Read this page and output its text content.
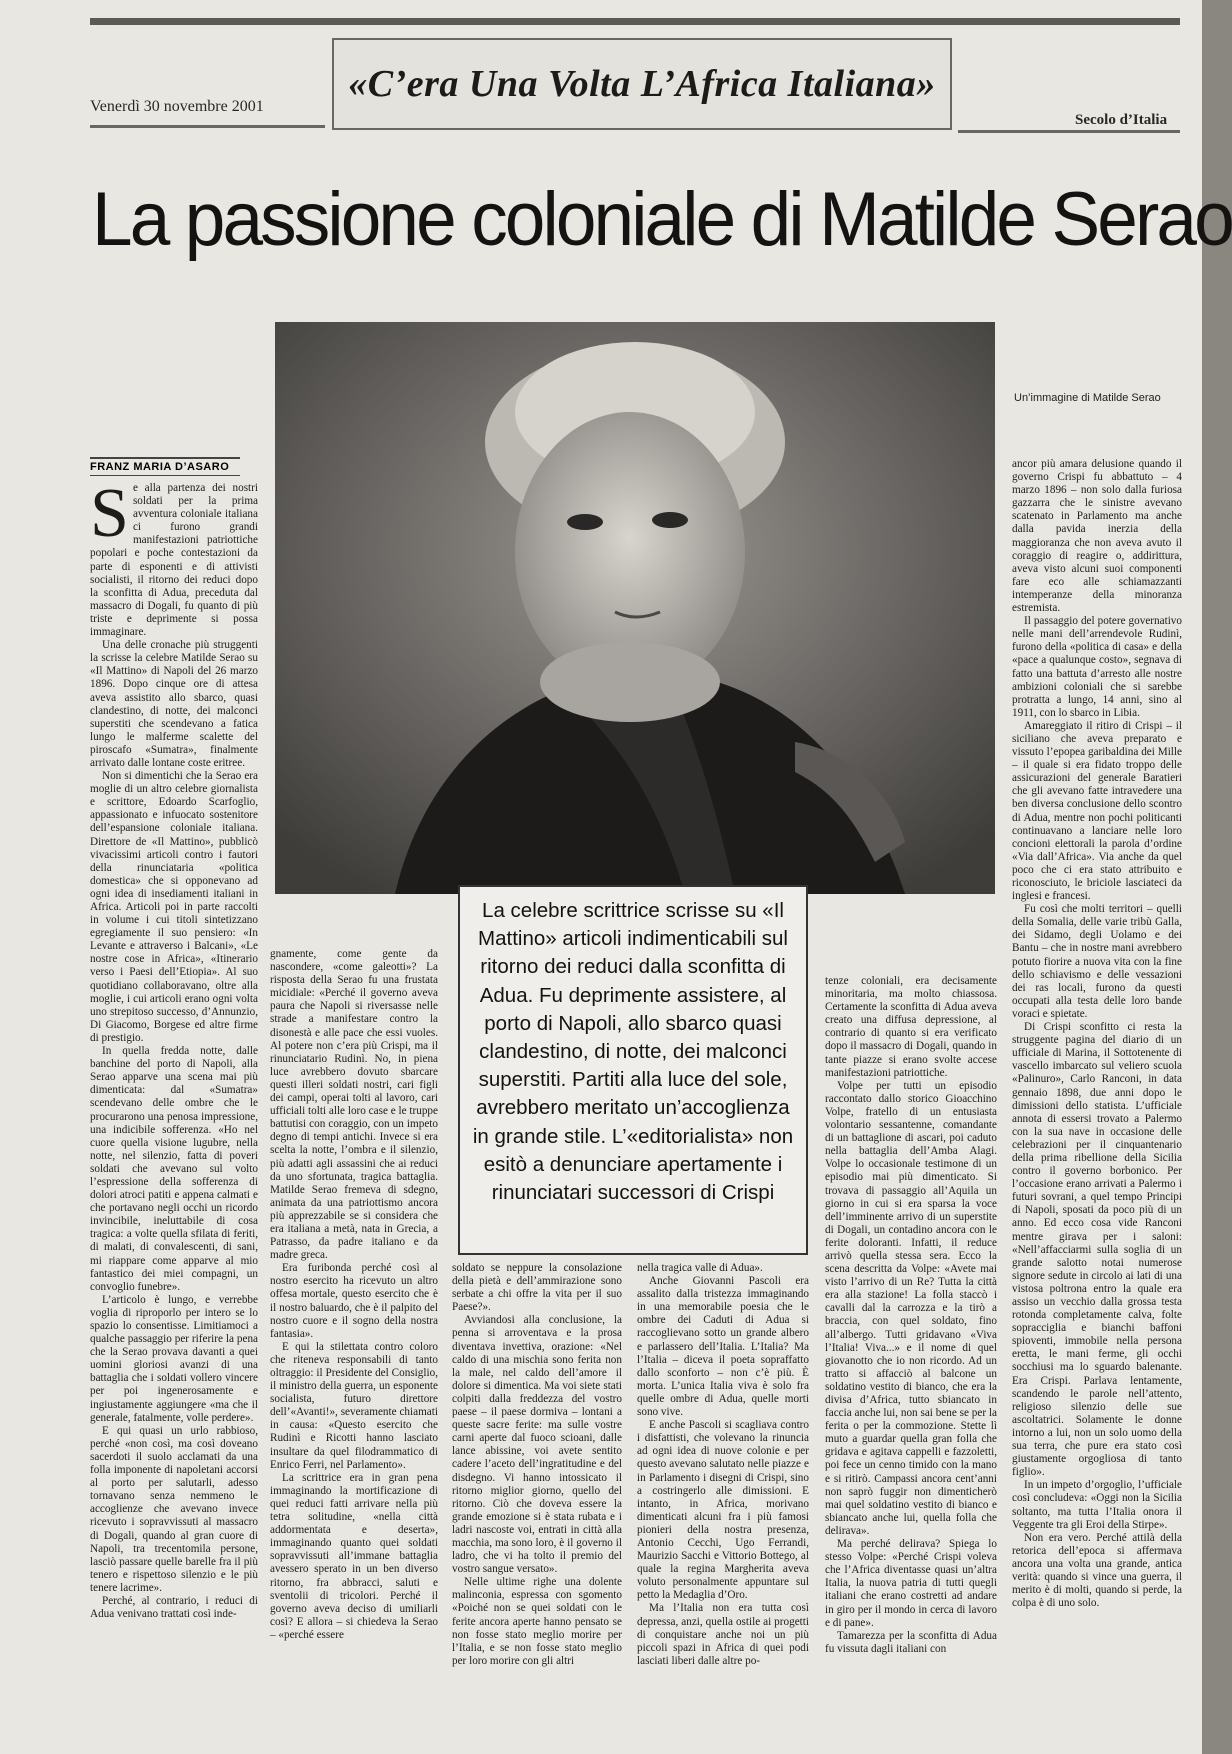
Venerdì 30 novembre 2001
«C’era Una Volta L’Africa Italiana»
Secolo d’Italia
La passione coloniale di Matilde Serao
Un’immagine di Matilde Serao
FRANZ MARIA D’ASARO

Se alla partenza dei nostri soldati per la prima avventura coloniale italiana ci furono grandi manifestazioni patriottiche popolari e poche contestazioni da parte di esponenti e di attivisti socialisti, il ritorno dei reduci dopo la sconfitta di Adua, preceduta dal massacro di Dogali, fu quanto di più triste e deprimente si possa immaginare.

Una delle cronache più struggenti la scrisse la celebre Matilde Serao su «Il Mattino» di Napoli del 26 marzo 1896. Dopo cinque ore di attesa aveva assistito allo sbarco, quasi clandestino, di notte, dei malconci superstiti che scendevano a fatica lungo le malferme scalette del piroscafo «Sumatra», finalmente arrivato dalle lontane coste eritree.

Non si dimentichi che la Serao era moglie di un altro celebre giornalista e scrittore, Edoardo Scarfoglio, appassionato e infuocato sostenitore dell’espansione coloniale italiana. Direttore de «Il Mattino», pubblicò vivacissimi articoli contro i fautori della rinunciataria «politica domestica» che si opponevano ad ogni idea di insediamenti italiani in Africa. Articoli poi in parte raccolti in volume i cui titoli sintetizzano egregiamente il suo pensiero: «In Levante e attraverso i Balcani», «Le nostre cose in Africa», «Itinerario verso i Paesi dell’Etiopia». Al suo quotidiano collaboravano, oltre alla moglie, i cui articoli erano ogni volta uno strepitoso successo, d’Annunzio, Di Giacomo, Borgese ed altre firme di prestigio.

In quella fredda notte, dalle banchine del porto di Napoli, alla Serao apparve una scena mai più dimenticata: dal «Sumatra» scendevano delle ombre che le procurarono una penosa impressione, una indicibile sofferenza. «Ho nel cuore quella visione lugubre, nella notte, nel silenzio, fatta di poveri soldati che avevano sul volto l’espressione della sofferenza di dolori atroci patiti e appena calmati e che portavano negli occhi un ricordo invincibile, ineluttabile di cosa tragica: a volte quella sfilata di feriti, di malati, di convalescenti, di sani, mi riappare come apparve al mio fantastico dei miei compagni, un convoglio funebre».

L’articolo è lungo, e verrebbe voglia di riproporlo per intero se lo spazio lo consentisse. Limitiamoci a qualche passaggio per riferire la pena che la Serao provava davanti a quei uomini gloriosi avanzi di una battaglia che i soldati vollero vincere per poi ingenerosamente e ingiustamente aggiungere «ma che il generale, fatalmente, volle perdere».

E qui quasi un urlo rabbioso, perché «non così, ma così doveano sacerdoti il suolo acclamati da una folla imponente di napoletani accorsi al porto per salutarli, adesso tornavano senza nemmeno le accoglienze che avevano invece ricevuto i sopravvissuti al massacro di Dogali, quando al gran cuore di Napoli, tra trecentomila persone, lasciò passare quelle barelle fra il più tenero e rispettoso silenzio e le più tenere lacrime».

Perché, al contrario, i reduci di Adua venivano trattati così inde-

gnamente, come gente da nascondere, «come galeotti»? La risposta della Serao fu una frustata micidiale: «Perché il governo aveva paura che Napoli si riversasse nelle strade a manifestare contro la disonestà e alle pace che essi vuoles. Al potere non c’era più Crispi, ma il rinunciatario Rudinì. No, in piena luce avrebbero dovuto sbarcare questi illeri soldati nostri, cari figli dei campi, operai tolti al lavoro, cari ufficiali tolti alle loro case e le truppe battutisi con coraggio, con un impeto degno di tempi antichi. Invece si era scelta la notte, l’ombra e il silenzio, più adatti agli assassini che ai reduci da uno sfortunata, tragica battaglia. Matilde Serao fremeva di sdegno, animata da una patriottismo ancora più apprezzabile se si considera che era italiana a metà, nata in Grecia, a Patrasso, da padre italiano e da madre greca.

Era furibonda perché così al nostro esercito ha ricevuto un altro offesa mortale, questo esercito che è il nostro baluardo, che è il palpito del nostro cuore e il sogno della nostra fantasia».

E qui la stilettata contro coloro che riteneva responsabili di tanto oltraggio: il Presidente del Consiglio, il ministro della guerra, un esponente socialista, futuro direttore dell’«Avanti!», severamente chiamati in causa: «Questo esercito che Rudinì e Ricotti hanno lasciato insultare da quel filodrammatico di Enrico Ferri, nel Parlamento».

La scrittrice era in gran pena immaginando la mortificazione di quei reduci fatti arrivare nella più tetra solitudine, «nella città addormentata e deserta», immaginando quanto quei soldati sopravvissuti all’immane battaglia avessero sperato in un ben diverso ritorno, fra abbracci, saluti e sventolii di tricolori. Perché il governo aveva deciso di umiliarli così? E allora – si chiedeva la Serao – «perché essere

La celebre scrittrice scrisse su «Il Mattino» articoli indimenticabili sul ritorno dei reduci dalla sconfitta di Adua. Fu deprimente assistere, al porto di Napoli, allo sbarco quasi clandestino, di notte, dei malconci superstiti. Partiti alla luce del sole, avrebbero meritato un’accoglienza in grande stile. L’«editorialista» non esitò a denunciare apertamente i rinunciatari successori di Crispi

soldato se neppure la consolazione della pietà e dell’ammirazione sono serbate a chi offre la vita per il suo Paese?».

Avviandosi alla conclusione, la penna si arroventava e la prosa diventava invettiva, orazione: «Nel caldo di una mischia sono ferita non la male, nel caldo dell’amore il dolore si dimentica. Ma voi siete stati colpiti dalla freddezza del vostro paese – il paese dormiva – lontani a queste sacre ferite: ma sulle vostre carni aperte dal fuoco scioani, dalle lance abissine, voi avete sentito cadere l’aceto dell’ingratitudine e del disdegno. Vi hanno intossicato il ritorno miglior giorno, quello del ritorno. Ciò che doveva essere la grande emozione si è stata rubata e i ladri nascoste voi, entrati in città alla macchia, ma sono loro, è il governo il ladro, che vi ha tolto il premio del vostro sangue versato».

Nelle ultime righe una dolente malinconia, espressa con sgomento «Poiché non se quei soldati con le ferite ancora aperte hanno pensato se non fosse stato meglio morire per l’Italia, e se non fosse stato meglio per loro morire con gli altri

nella tragica valle di Adua».

Anche Giovanni Pascoli era assalito dalla tristezza immaginando in una memorabile poesia che le ombre dei Caduti di Adua si raccoglievano sotto un grande albero e parlassero dell’Italia. L’Italia? Ma l’Italia – diceva il poeta sopraffatto dallo sconforto – non c’è più. È morta. L’unica Italia viva è solo fra quelle ombre di Adua, quelle morti sono vive.

E anche Pascoli si scagliava contro i disfattisti, che volevano la rinuncia ad ogni idea di nuove colonie e per questo avevano salutato nelle piazze e in Parlamento i disegni di Crispi, sino a costringerlo alle dimissioni. E intanto, in Africa, morivano dimenticati alcuni fra i più famosi pionieri della nostra presenza, Antonio Cecchi, Ugo Ferrandi, Maurizio Sacchi e Vittorio Bottego, al quale la regina Margherita aveva voluto personalmente appuntare sul petto la Medaglia d’Oro.

Ma l’Italia non era tutta così depressa, anzi, quella ostile ai progetti di conquistare anche noi un più piccoli spazi in Africa di quei podi lasciati liberi dalle altre po-

tenze coloniali, era decisamente minoritaria, ma molto chiassosa. Certamente la sconfitta di Adua aveva creato una diffusa depressione, al contrario di quanto si era verificato dopo il massacro di Dogali, quando in tante piazze si erano svolte accese manifestazioni patriottiche.

Volpe per tutti un episodio raccontato dallo storico Gioacchino Volpe, fratello di un entusiasta volontario sessantenne, comandante di un battaglione di ascari, poi caduto nella battaglia dell’Amba Alagi. Volpe lo occasionale testimone di un episodio mai più dimenticato. Si trovava di passaggio all’Aquila un giorno in cui si era sparsa la voce dell’imminente arrivo di un superstite di Dogali, un contadino ancora con le ferite doloranti. Infatti, il reduce arrivò quella stessa sera. Ecco la scena descritta da Volpe: «Avete mai visto l’arrivo di un Re? Tutta la città era alla stazione! La folla staccò i cavalli dal la carrozza e la tirò a braccia, con quel soldato, fino all’albergo. Tutti gridavano «Viva l’Italia! Viva...» e il nome di quel giovanotto che io non ricordo. Ad un tratto si affacciò al balcone un soldatino vestito di bianco, che era la divisa d’Africa, tutto sbiancato in faccia anche lui, non sai bene se per la ferita o per la commozione. Stette lì muto a guardar quella gran folla che gridava e agitava cappelli e fazzoletti, poi fece un cenno timido con la mano e si ritirò. Campassi ancora cent’anni non saprò fuggir non dimenticherò mai quel soldatino vestito di bianco e sbiancato anche lui, quella folla che delirava».

Ma perché delirava? Spiega lo stesso Volpe: «Perché Crispi voleva che l’Africa diventasse quasi un’altra Italia, la nuova patria di tutti quegli italiani che erano costretti ad andare in giro per il mondo in cerca di lavoro e di pane».

Tamarezza per la sconfitta di Adua fu vissuta dagli italiani con

ancor più amara delusione quando il governo Crispi fu abbattuto – 4 marzo 1896 – non solo dalla furiosa gazzarra che le sinistre avevano scatenato in Parlamento ma anche dalla pavida inerzia della maggioranza che non aveva avuto il coraggio di reagire o, addirittura, aveva visto alcuni suoi componenti fare eco alle schiamazzanti intemperanze della minoranza estremista.

Il passaggio del potere governativo nelle mani dell’arrendevole Rudinì, furono della «politica di casa» e della «pace a qualunque costo», segnava di fatto una battuta d’arresto alle nostre ambizioni coloniali che si sarebbe protratta a lungo, 14 anni, sino al 1911, con lo sbarco in Libia.

Amareggiato il ritiro di Crispi – il siciliano che aveva preparato e vissuto l’epopea garibaldina dei Mille – il quale si era fidato troppo delle assicurazioni del generale Baratieri che gli avevano fatte intravedere una ben diversa conclusione dello scontro di Adua, mentre non pochi politicanti continuavano a lanciare nelle loro concioni elettorali la parola d’ordine «Via dall’Africa». Via anche da quel poco che ci era stato attribuito e riconosciuto, le briciole lasciateci da inglesi e francesi.

Fu così che molti territori – quelli della Somalia, delle varie tribù Galla, dei Sidamo, degli Uolamo e dei Bantu – che in nostre mani avrebbero potuto fiorire a nuova vita con la fine dello schiavismo e delle vessazioni dei ras locali, furono da questi occupati alla testa delle loro bande voraci e spietate.

Di Crispi sconfitto ci resta la struggente pagina del diario di un ufficiale di Marina, il Sottotenente di vascello imbarcato sul veliero scuola «Palinuro», Carlo Ranconi, in data gennaio 1898, due anni dopo le dimissioni dello statista. L’ufficiale annota di essersi trovato a Palermo con la sua nave in occasione delle celebrazioni per il cinquantenario della prima ribellione della Sicilia contro il governo borbonico. Per l’occasione erano arrivati a Palermo i futuri sovrani, a quel tempo Principi di Napoli, sposati da poco più di un anno. Ed ecco cosa vide Ranconi mentre girava per i saloni: «Nell’affacciarmi sulla soglia di un grande salotto notai numerose signore sedute in circolo ai lati di una vistosa poltrona entro la quale era assiso un vecchio dalla grossa testa rotonda completamente calva, folte sopracciglia e bianchi baffoni spioventi, immobile nella persona eretta, le mani ferme, gli occhi socchiusi ma lo sguardo balenante. Era Crispi. Parlava lentamente, scandendo le parole nell’attento, religioso silenzio delle sue ascoltatrici. Solamente le donne intorno a lui, non un solo uomo della sua terra, che pure era stato così giustamente orgogliosa di tanto figlio».

In un impeto d’orgoglio, l’ufficiale così concludeva: «Oggi non la Sicilia soltanto, ma tutta l’Italia onora il Veggente tra gli Eroi della Stirpe».

Non era vero. Perché attilà della retorica dell’epoca si affermava ancora una volta una grande, antica verità: quando si vince una guerra, il merito è di molti, quando si perde, la colpa è di uno solo.
